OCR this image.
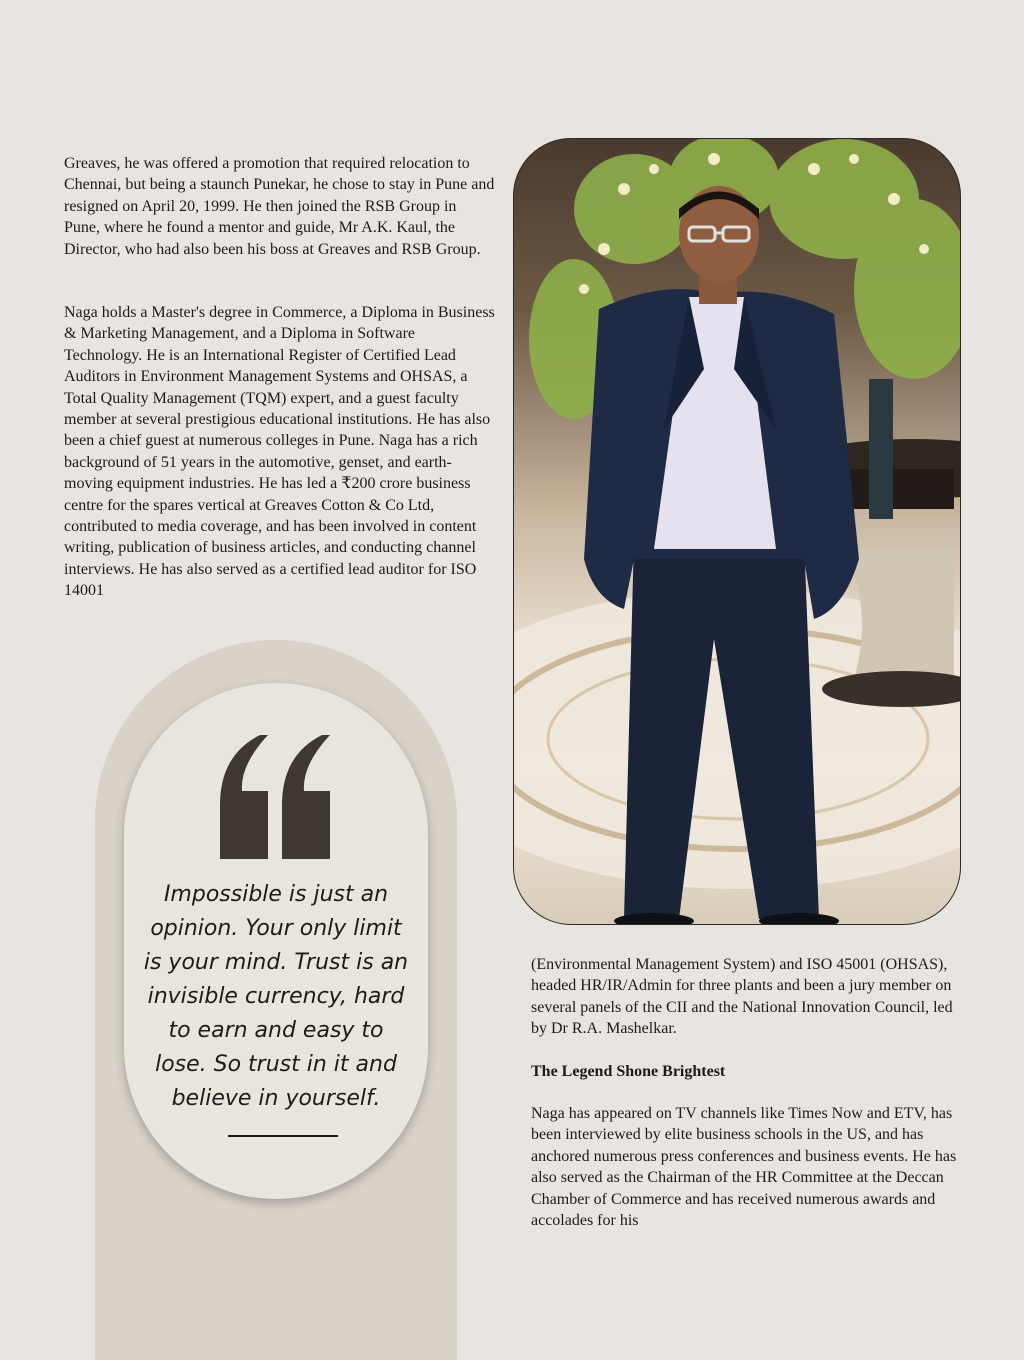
Greaves, he was offered a promotion that required relocation to Chennai, but being a staunch Punekar, he chose to stay in Pune and resigned on April 20, 1999. He then joined the RSB Group in Pune, where he found a mentor and guide, Mr A.K. Kaul, the Director, who had also been his boss at Greaves and RSB Group.

Naga holds a Master's degree in Commerce, a Diploma in Business & Marketing Management, and a Diploma in Software Technology. He is an International Register of Certified Lead Auditors in Environment Management Systems and OHSAS, a Total Quality Management (TQM) expert, and a guest faculty member at several prestigious educational institutions. He has also been a chief guest at numerous colleges in Pune. Naga has a rich background of 51 years in the automotive, genset, and earth-moving equipment industries. He has led a ₹200 crore business centre for the spares vertical at Greaves Cotton & Co Ltd, contributed to media coverage, and has been involved in content writing, publication of business articles, and conducting channel interviews. He has also served as a certified lead auditor for ISO 14001

Impossible is just an opinion. Your only limit is your mind. Trust is an invisible currency, hard to earn and easy to lose. So trust in it and believe in yourself.

(Environmental Management System) and ISO 45001 (OHSAS), headed HR/IR/Admin for three plants and been a jury member on several panels of the CII and the National Innovation Council, led by Dr R.A. Mashelkar.

The Legend Shone Brightest

Naga has appeared on TV channels like Times Now and ETV, has been interviewed by elite business schools in the US, and has anchored numerous press conferences and business events. He has also served as the Chairman of the HR Committee at the Deccan Chamber of Commerce and has received numerous awards and accolades for his
